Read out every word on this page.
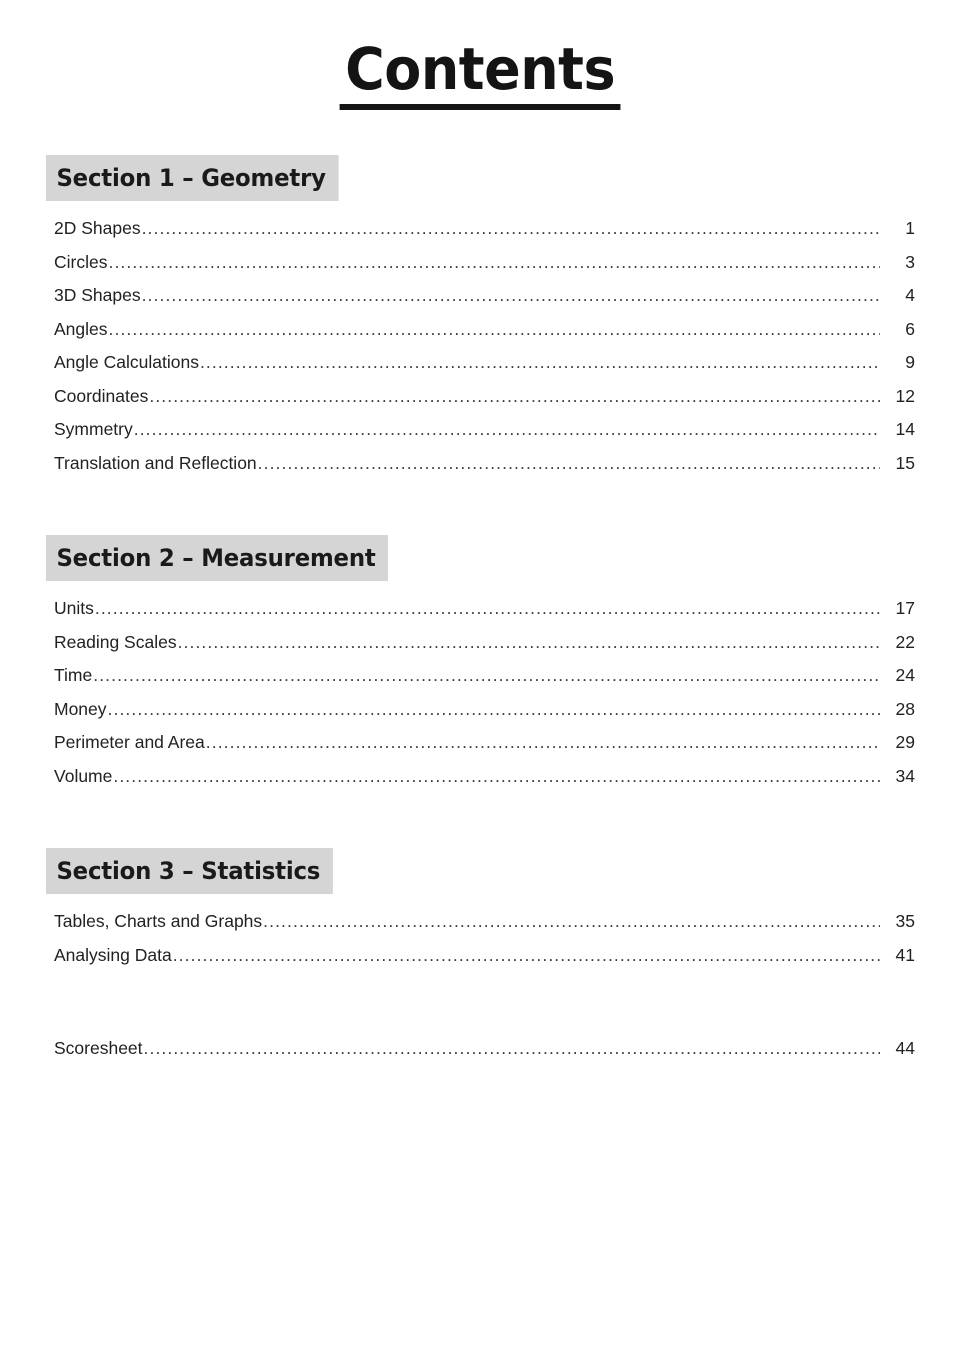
Contents
Section 1 – Geometry
2D Shapes .....	1
Circles .....	3
3D Shapes .....	4
Angles .....	6
Angle Calculations .....	9
Coordinates .....	12
Symmetry .....	14
Translation and Reflection .....	15
Section 2 – Measurement
Units .....	17
Reading Scales .....	22
Time .....	24
Money .....	28
Perimeter and Area .....	29
Volume .....	34
Section 3 – Statistics
Tables, Charts and Graphs .....	35
Analysing Data .....	41
Scoresheet .....	44
